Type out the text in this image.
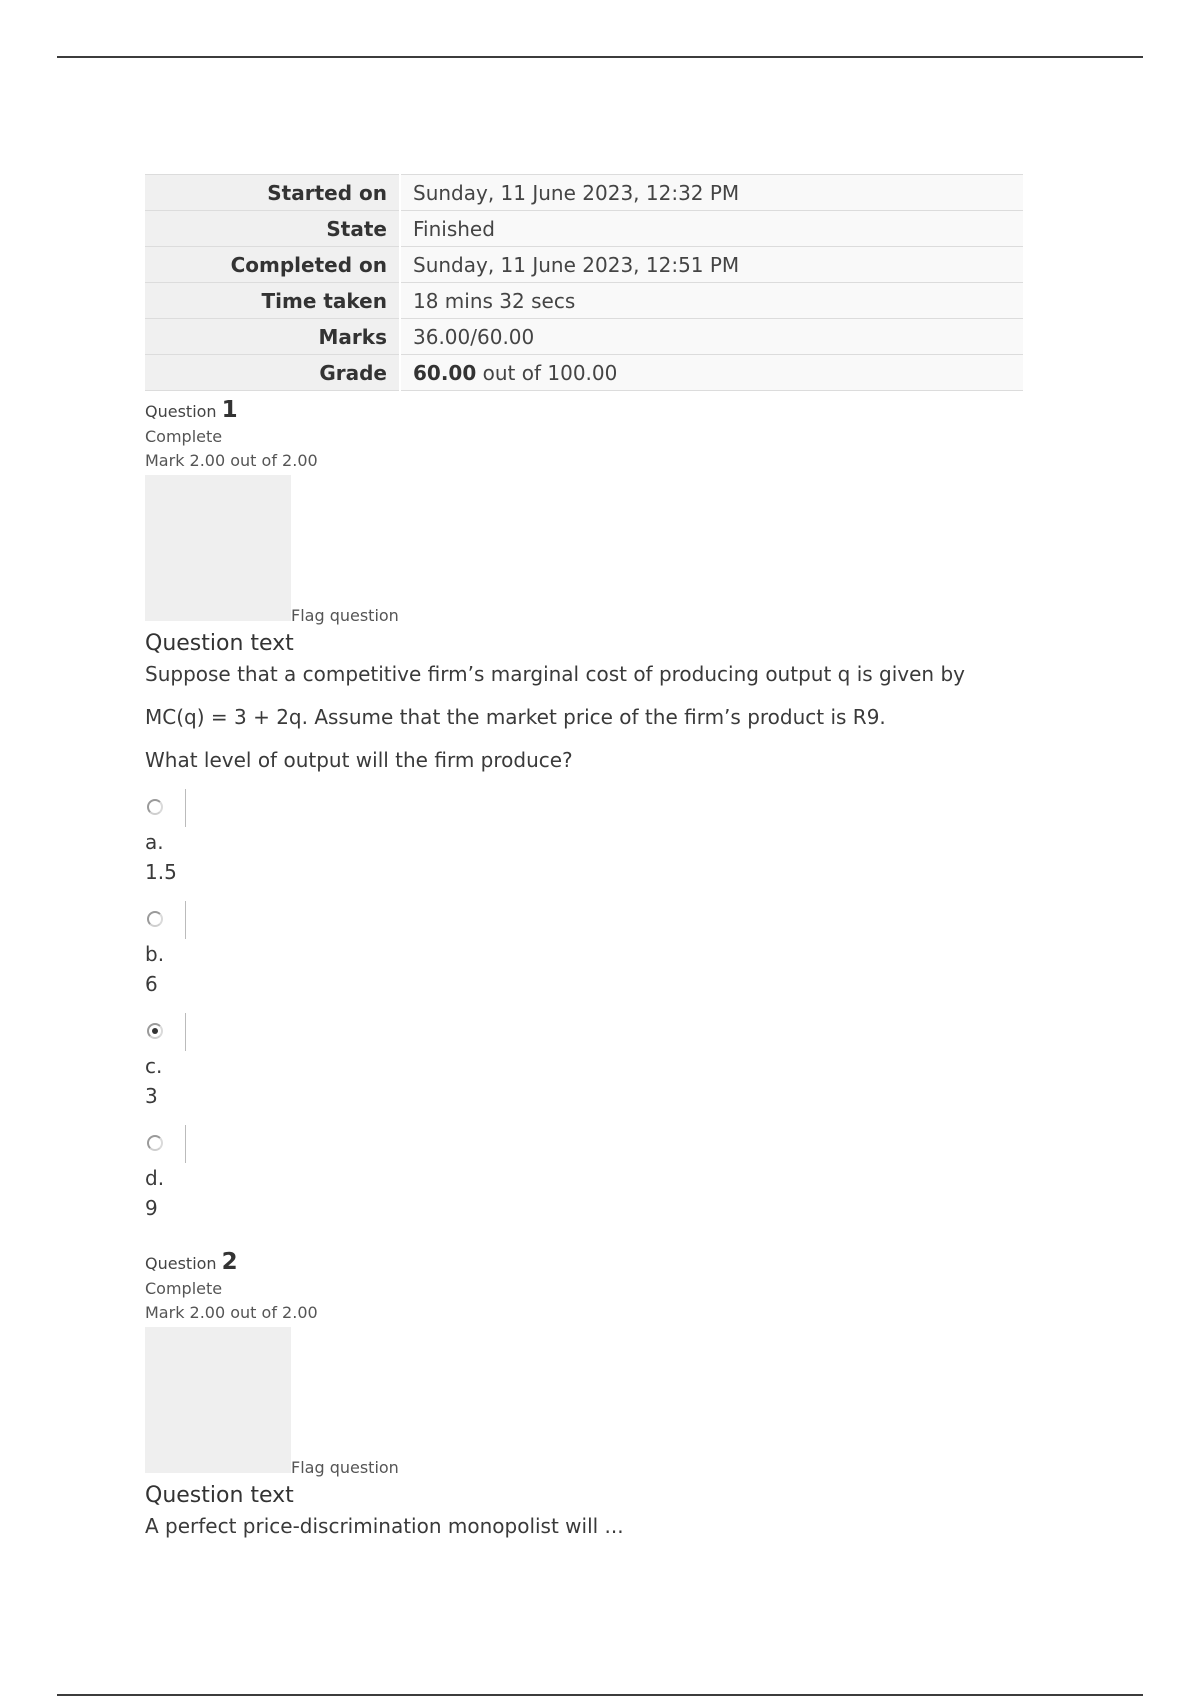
Started on	Sunday, 11 June 2023, 12:32 PM
State	Finished
Completed on	Sunday, 11 June 2023, 12:51 PM
Time taken	18 mins 32 secs
Marks	36.00/60.00
Grade	60.00 out of 100.00
Question 1
Complete
Mark 2.00 out of 2.00
Flag question
Question text

Suppose that a competitive firm’s marginal cost of producing output q is given by

MC(q) = 3 + 2q. Assume that the market price of the firm’s product is R9.

What level of output will the firm produce?

a.
1.5
b.
6
c.
3
d.
9
Question 2
Complete
Mark 2.00 out of 2.00
Flag question
Question text

A perfect price-discrimination monopolist will ...
